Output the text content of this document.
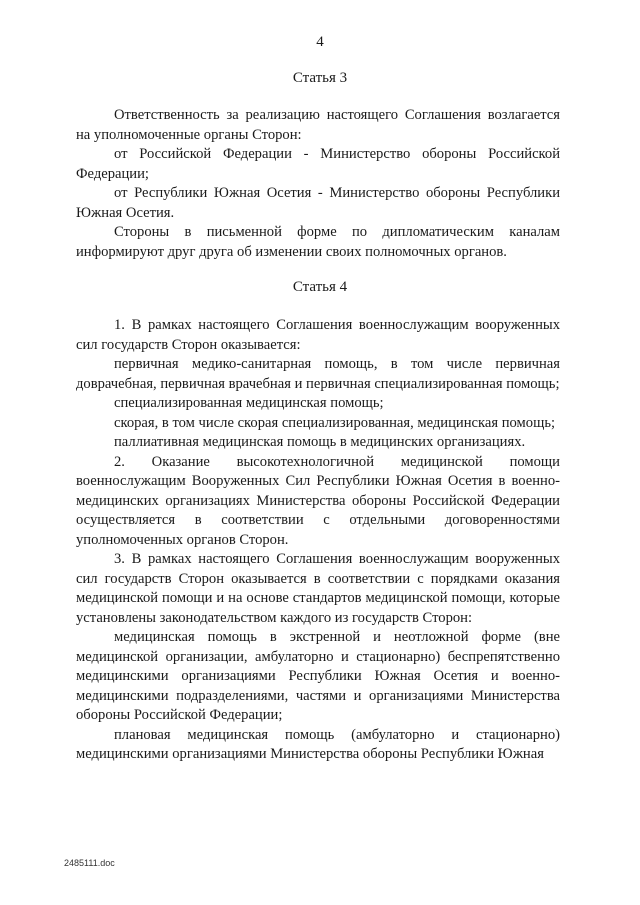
4
Статья 3

Ответственность за реализацию настоящего Соглашения возлагается на уполномоченные органы Сторон:

от Российской Федерации - Министерство обороны Российской Федерации;

от Республики Южная Осетия - Министерство обороны Республики Южная Осетия.

Стороны в письменной форме по дипломатическим каналам информируют друг друга об изменении своих полномочных органов.

Статья 4

1. В рамках настоящего Соглашения военнослужащим вооруженных сил государств Сторон оказывается:

первичная медико-санитарная помощь, в том числе первичная доврачебная, первичная врачебная и первичная специализированная помощь;

специализированная медицинская помощь;

скорая, в том числе скорая специализированная, медицинская помощь;

паллиативная медицинская помощь в медицинских организациях.

2. Оказание высокотехнологичной медицинской помощи военнослужащим Вооруженных Сил Республики Южная Осетия в военно-медицинских организациях Министерства обороны Российской Федерации осуществляется в соответствии с отдельными договоренностями уполномоченных органов Сторон.

3. В рамках настоящего Соглашения военнослужащим вооруженных сил государств Сторон оказывается в соответствии с порядками оказания медицинской помощи и на основе стандартов медицинской помощи, которые установлены законодательством каждого из государств Сторон:

медицинская помощь в экстренной и неотложной форме (вне медицинской организации, амбулаторно и стационарно) беспрепятственно медицинскими организациями Республики Южная Осетия и военно-медицинскими подразделениями, частями и организациями Министерства обороны Российской Федерации;

плановая медицинская помощь (амбулаторно и стационарно) медицинскими организациями Министерства обороны Республики Южная

2485111.doc
